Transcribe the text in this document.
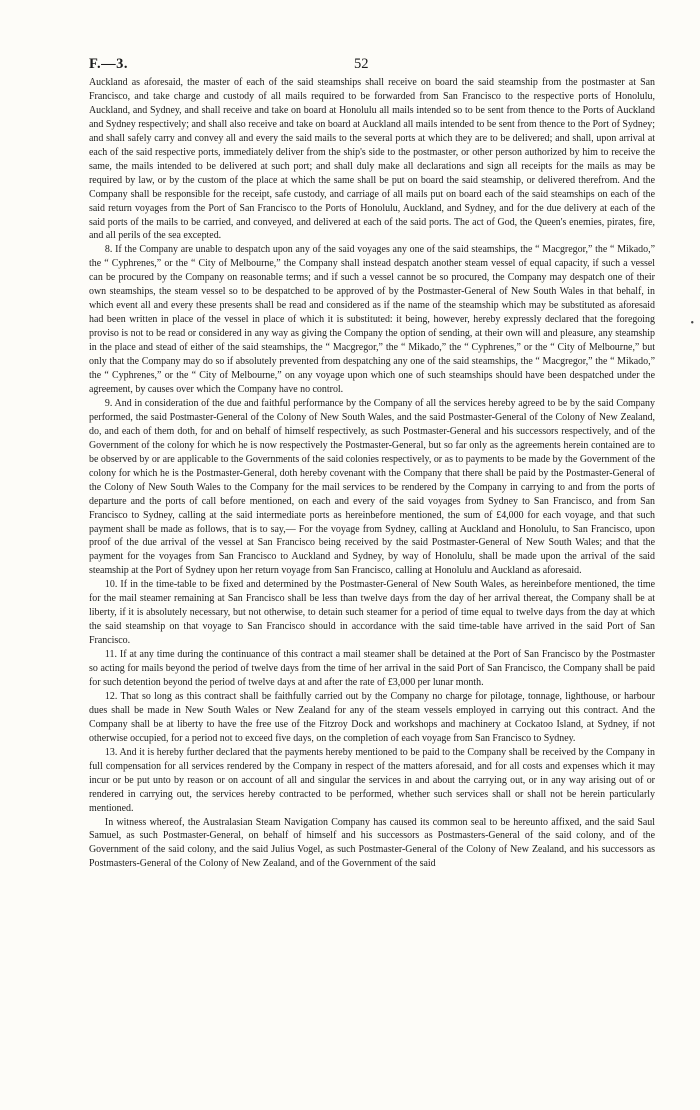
F.—3.	52

Auckland as aforesaid, the master of each of the said steamships shall receive on board the said steamship from the postmaster at San Francisco, and take charge and custody of all mails required to be forwarded from San Francisco to the respective ports of Honolulu, Auckland, and Sydney, and shall receive and take on board at Honolulu all mails intended so to be sent from thence to the Ports of Auckland and Sydney respectively; and shall also receive and take on board at Auckland all mails intended to be sent from thence to the Port of Sydney; and shall safely carry and convey all and every the said mails to the several ports at which they are to be delivered; and shall, upon arrival at each of the said respective ports, immediately deliver from the ship's side to the postmaster, or other person authorized by him to receive the same, the mails intended to be delivered at such port; and shall duly make all declarations and sign all receipts for the mails as may be required by law, or by the custom of the place at which the same shall be put on board the said steamship, or delivered therefrom. And the Company shall be responsible for the receipt, safe custody, and carriage of all mails put on board each of the said steamships on each of the said return voyages from the Port of San Francisco to the Ports of Honolulu, Auckland, and Sydney, and for the due delivery at each of the said ports of the mails to be carried, and conveyed, and delivered at each of the said ports. The act of God, the Queen's enemies, pirates, fire, and all perils of the sea excepted.

8. If the Company are unable to despatch upon any of the said voyages any one of the said steamships, the “ Macgregor,” the “ Mikado,” the “ Cyphrenes,” or the “ City of Melbourne,” the Company shall instead despatch another steam vessel of equal capacity, if such a vessel can be procured by the Company on reasonable terms; and if such a vessel cannot be so procured, the Company may despatch one of their own steamships, the steam vessel so to be despatched to be approved of by the Postmaster-General of New South Wales in that behalf, in which event all and every these presents shall be read and considered as if the name of the steamship which may be substituted as aforesaid had been written in place of the vessel in place of which it is substituted: it being, however, hereby expressly declared that the foregoing proviso is not to be read or considered in any way as giving the Company the option of sending, at their own will and pleasure, any steamship in the place and stead of either of the said steamships, the “ Macgregor,” the “ Mikado,” the “ Cyphrenes,” or the “ City of Melbourne,” but only that the Company may do so if absolutely prevented from despatching any one of the said steamships, the “ Macgregor,” the “ Mikado,” the “ Cyphrenes,” or the “ City of Melbourne,” on any voyage upon which one of such steamships should have been despatched under the agreement, by causes over which the Company have no control.

9. And in consideration of the due and faithful performance by the Company of all the services hereby agreed to be by the said Company performed, the said Postmaster-General of the Colony of New South Wales, and the said Postmaster-General of the Colony of New Zealand, do, and each of them doth, for and on behalf of himself respectively, as such Postmaster-General and his successors respectively, and of the Government of the colony for which he is now respectively the Postmaster-General, but so far only as the agreements herein contained are to be observed by or are applicable to the Governments of the said colonies respectively, or as to payments to be made by the Government of the colony for which he is the Postmaster-General, doth hereby covenant with the Company that there shall be paid by the Postmaster-General of the Colony of New South Wales to the Company for the mail services to be rendered by the Company in carrying to and from the ports of departure and the ports of call before mentioned, on each and every of the said voyages from Sydney to San Francisco, and from San Francisco to Sydney, calling at the said intermediate ports as hereinbefore mentioned, the sum of £4,000 for each voyage, and that such payment shall be made as follows, that is to say,— For the voyage from Sydney, calling at Auckland and Honolulu, to San Francisco, upon proof of the due arrival of the vessel at San Francisco being received by the said Postmaster-General of New South Wales; and that the payment for the voyages from San Francisco to Auckland and Sydney, by way of Honolulu, shall be made upon the arrival of the said steamship at the Port of Sydney upon her return voyage from San Francisco, calling at Honolulu and Auckland as aforesaid.

10. If in the time-table to be fixed and determined by the Postmaster-General of New South Wales, as hereinbefore mentioned, the time for the mail steamer remaining at San Francisco shall be less than twelve days from the day of her arrival thereat, the Company shall be at liberty, if it is absolutely necessary, but not otherwise, to detain such steamer for a period of time equal to twelve days from the day at which the said steamship on that voyage to San Francisco should in accordance with the said time-table have arrived in the said Port of San Francisco.

11. If at any time during the continuance of this contract a mail steamer shall be detained at the Port of San Francisco by the Postmaster so acting for mails beyond the period of twelve days from the time of her arrival in the said Port of San Francisco, the Company shall be paid for such detention beyond the period of twelve days at and after the rate of £3,000 per lunar month.

12. That so long as this contract shall be faithfully carried out by the Company no charge for pilotage, tonnage, lighthouse, or harbour dues shall be made in New South Wales or New Zealand for any of the steam vessels employed in carrying out this contract. And the Company shall be at liberty to have the free use of the Fitzroy Dock and workshops and machinery at Cockatoo Island, at Sydney, if not otherwise occupied, for a period not to exceed five days, on the completion of each voyage from San Francisco to Sydney.

13. And it is hereby further declared that the payments hereby mentioned to be paid to the Company shall be received by the Company in full compensation for all services rendered by the Company in respect of the matters aforesaid, and for all costs and expenses which it may incur or be put unto by reason or on account of all and singular the services in and about the carrying out, or in any way arising out of or rendered in carrying out, the services hereby contracted to be performed, whether such services shall or shall not be herein particularly mentioned.

In witness whereof, the Australasian Steam Navigation Company has caused its common seal to be hereunto affixed, and the said Saul Samuel, as such Postmaster-General, on behalf of himself and his successors as Postmasters-General of the said colony, and of the Government of the said colony, and the said Julius Vogel, as such Postmaster-General of the Colony of New Zealand, and his successors as Postmasters-General of the Colony of New Zealand, and of the Government of the said

•
